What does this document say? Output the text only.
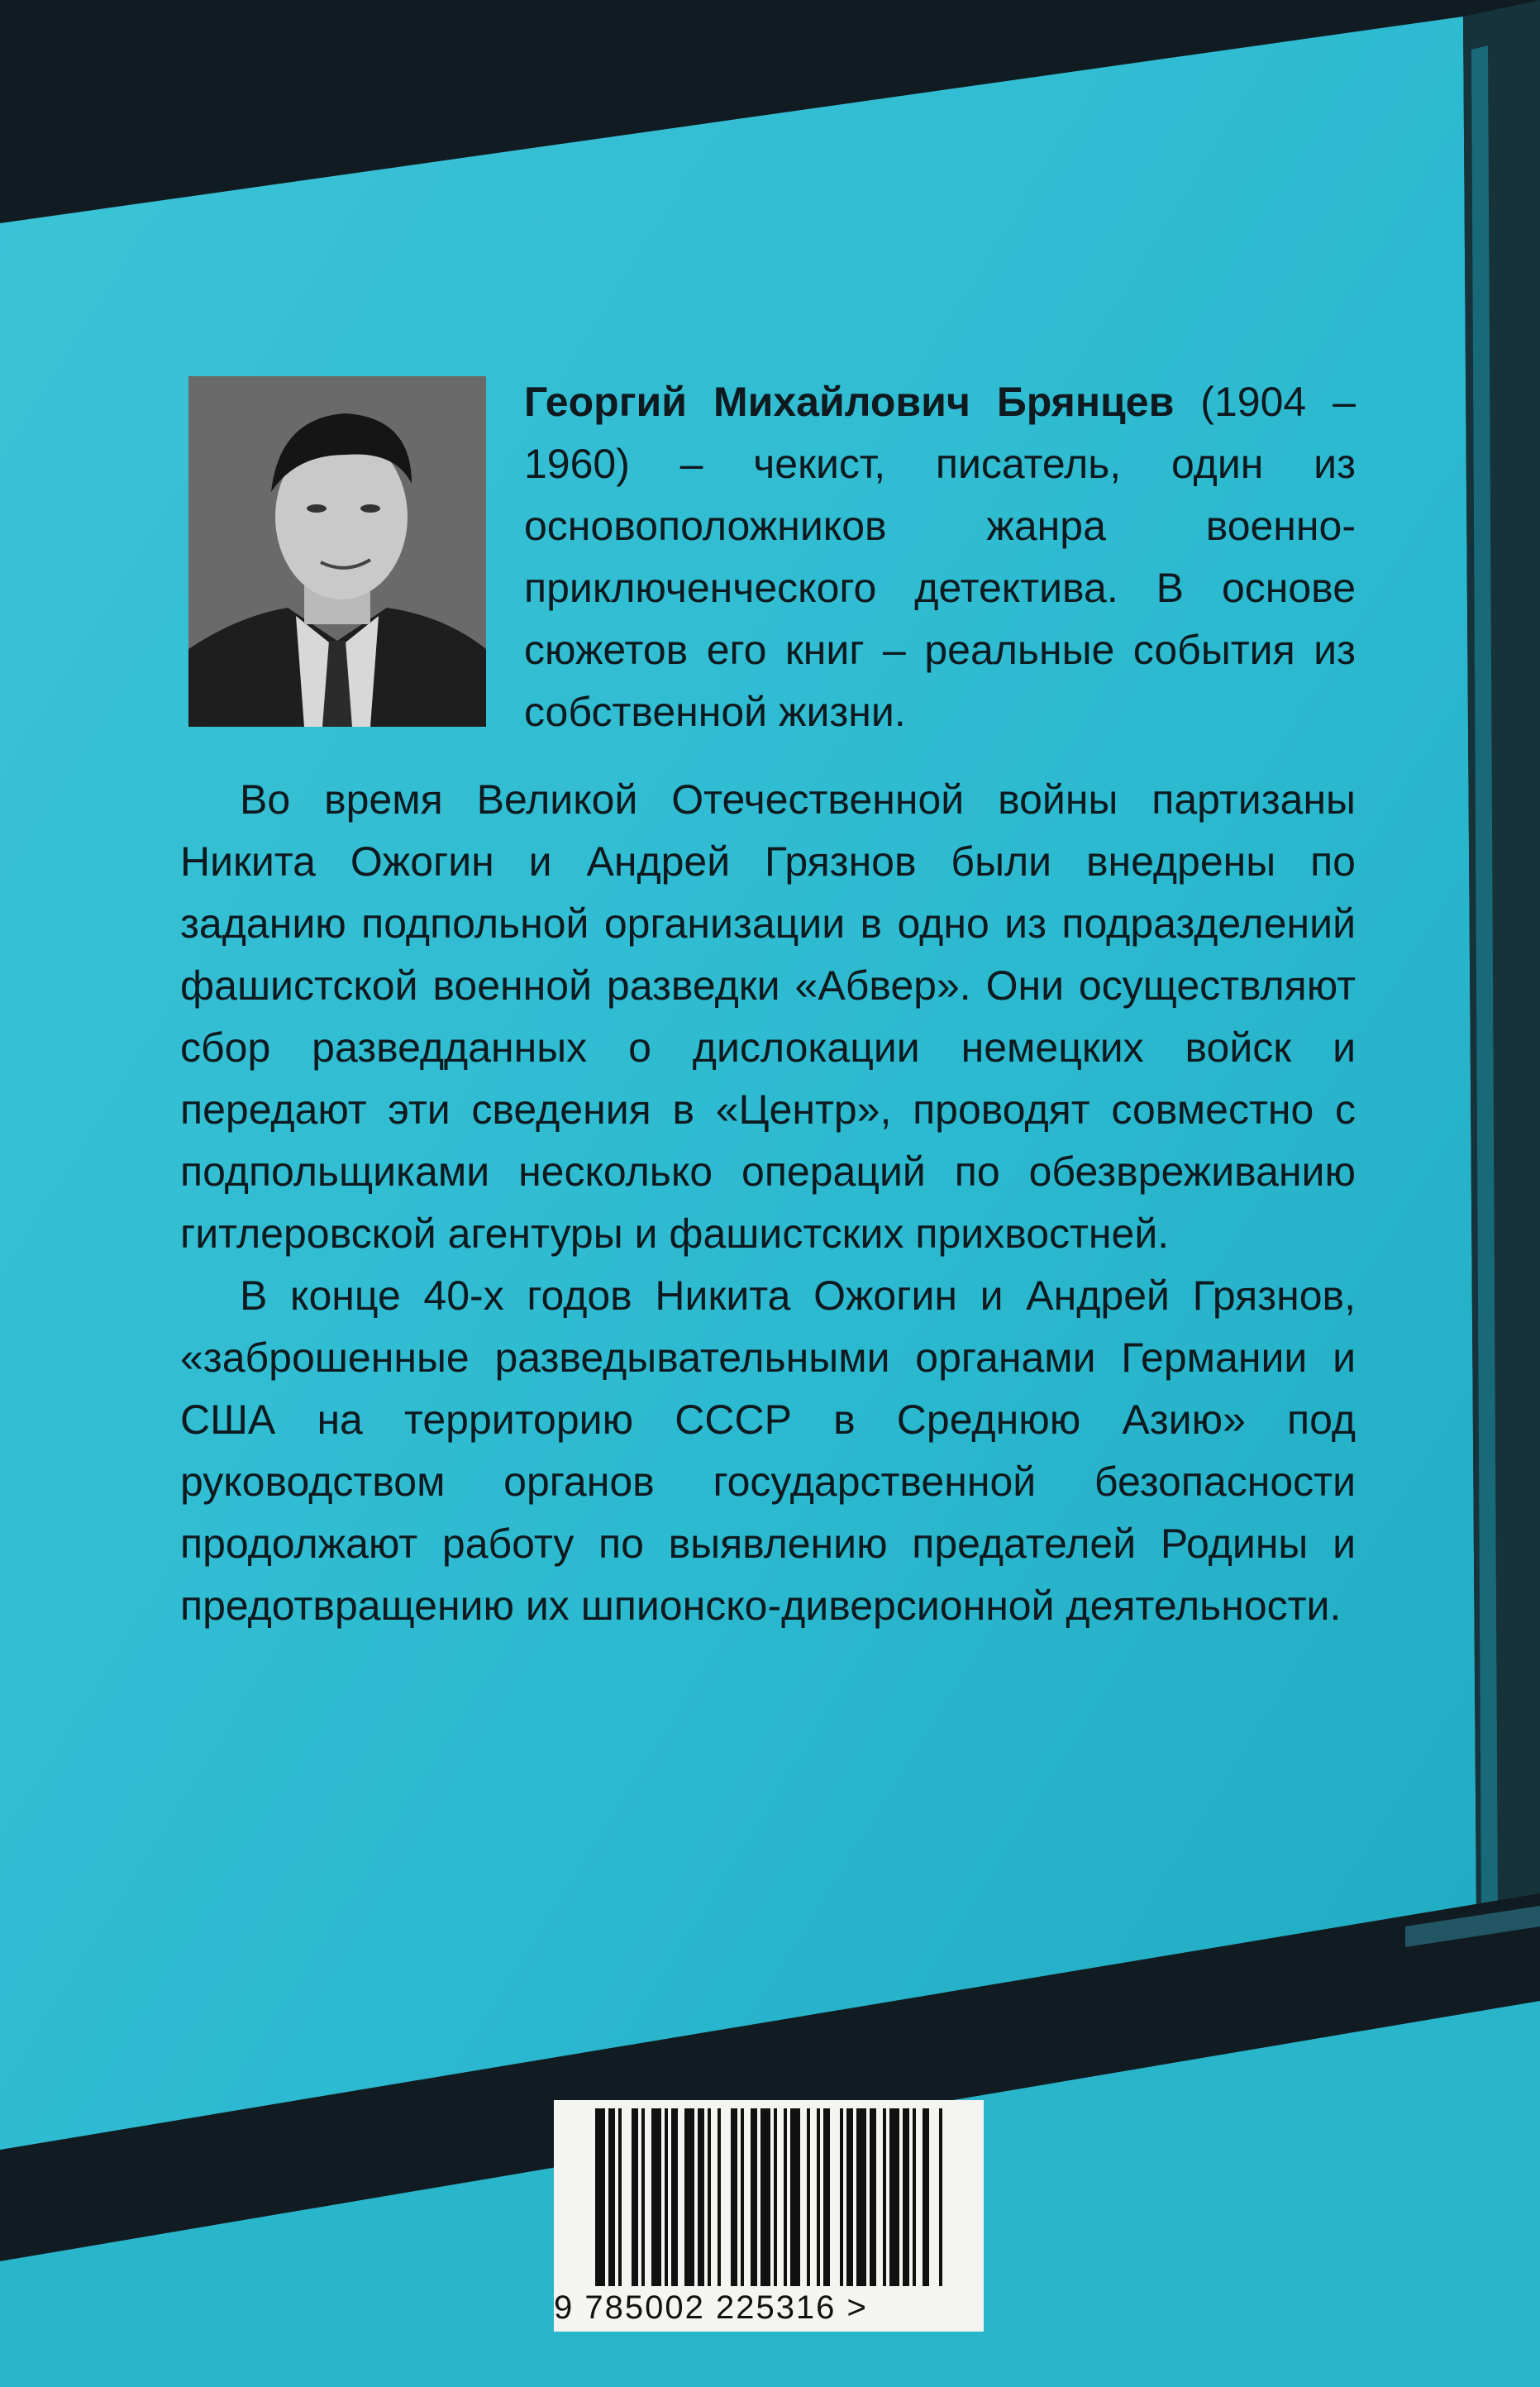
Георгий Михайлович Брянцев (1904 – 1960) – чекист, писатель, один из основоположников жанра военно-приключенческого детектива. В основе сюжетов его книг – реальные события из собственной жизни.
Во время Великой Отечественной войны партизаны Никита Ожогин и Андрей Грязнов были внедрены по заданию подпольной организации в одно из подразделений фашистской военной разведки «Абвер». Они осуществляют сбор разведданных о дислокации немецких войск и передают эти сведения в «Центр», проводят совместно с подпольщиками несколько операций по обезвреживанию гитлеровской агентуры и фашистских прихвостней.
В конце 40-х годов Никита Ожогин и Андрей Грязнов, «заброшенные разведывательными органами Германии и США на территорию СССР в Среднюю Азию» под руководством органов государственной безопасности продолжают работу по выявлению предателей Родины и предотвращению их шпионско-диверсионной деятельности.
9 785002 225316 >
